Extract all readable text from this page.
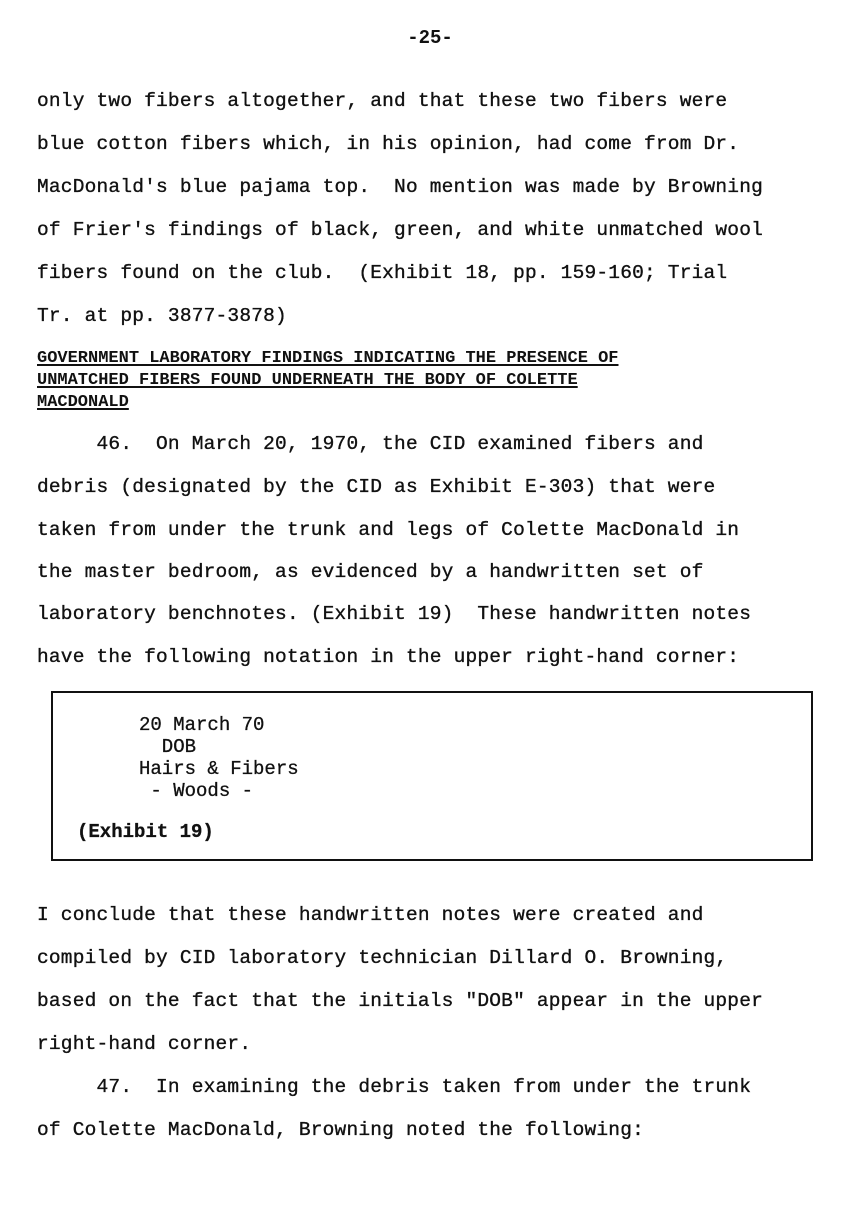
-25-
only two fibers altogether, and that these two fibers were
blue cotton fibers which, in his opinion, had come from Dr.
MacDonald's blue pajama top.  No mention was made by Browning
of Frier's findings of black, green, and white unmatched wool
fibers found on the club.  (Exhibit 18, pp. 159-160; Trial
Tr. at pp. 3877-3878)
GOVERNMENT LABORATORY FINDINGS INDICATING THE PRESENCE OF
UNMATCHED FIBERS FOUND UNDERNEATH THE BODY OF COLETTE
MACDONALD
46.  On March 20, 1970, the CID examined fibers and
debris (designated by the CID as Exhibit E-303) that were
taken from under the trunk and legs of Colette MacDonald in
the master bedroom, as evidenced by a handwritten set of
laboratory benchnotes. (Exhibit 19)  These handwritten notes
have the following notation in the upper right-hand corner:
20 March 70
DOB
Hairs & Fibers
- Woods -
(Exhibit 19)
I conclude that these handwritten notes were created and
compiled by CID laboratory technician Dillard O. Browning,
based on the fact that the initials "DOB" appear in the upper
right-hand corner.
47.  In examining the debris taken from under the trunk
of Colette MacDonald, Browning noted the following:
